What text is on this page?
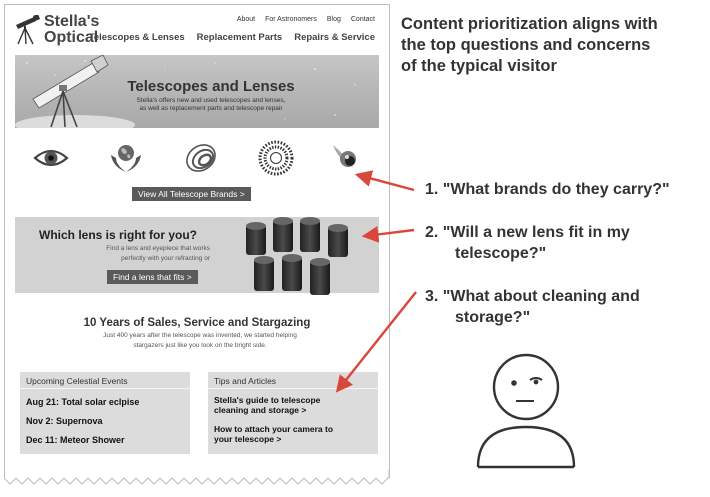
Stella's
Optical
About For Astronomers Blog Contact
Telescopes & Lenses Replacement Parts Repairs & Service
Telescopes and Lenses
Stella's offers new and used telescopes and lenses,
as well as replacement parts and telescope repair
View All Telescope Brands >
Which lens is right for you?
Find a lens and eyepiece that works
perfectly with your refracting or
Find a lens that fits >
10 Years of Sales, Service and Stargazing
Just 400 years after the telescope was invented, we started helping
stargazers just like you look on the bright side.
Upcoming Celestial Events
Aug 21: Total solar eclpise
Nov 2: Supernova
Dec 11: Meteor Shower
Tips and Articles
Stella's guide to telescope
cleaning and storage >
How to attach your camera to
your telescope >
Content prioritization aligns with
the top questions and concerns
of the typical visitor
1. "What brands do they carry?"
2. "Will a new lens fit in my
telescope?"
3. "What about cleaning and
storage?"
